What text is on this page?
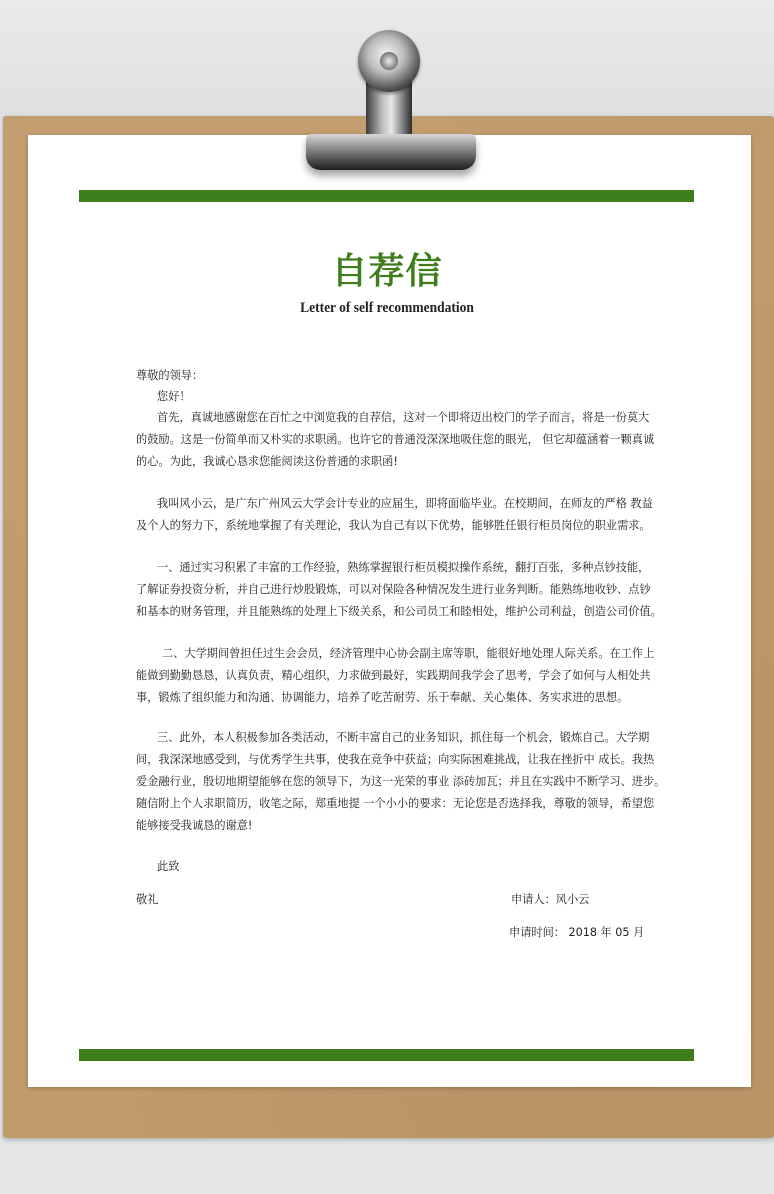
自荐信
Letter of self recommendation
尊敬的领导：
您好！
首先，真诚地感谢您在百忙之中浏览我的自荐信，这对一个即将迈出校门的学子而言，将是一份莫大
的鼓励。这是一份简单而又朴实的求职函。也许它的普通没深深地吸住您的眼光， 但它却蕴涵着一颗真诚
的心。为此，我诚心恳求您能阅读这份普通的求职函!
我叫风小云，是广东广州风云大学会计专业的应届生，即将面临毕业。在校期间，在师友的严格 教益
及个人的努力下，系统地掌握了有关理论，我认为自己有以下优势，能够胜任银行柜员岗位的职业需求。
一、通过实习积累了丰富的工作经验，熟练掌握银行柜员模拟操作系统，翻打百张，多种点钞技能，
了解证券投资分析，并自己进行炒股锻炼，可以对保险各种情况发生进行业务判断。能熟练地收钞、点钞
和基本的财务管理，并且能熟练的处理上下级关系，和公司员工和睦相处，维护公司利益，创造公司价值。
二、大学期间曾担任过生会会员，经济管理中心协会副主席等职，能很好地处理人际关系。在工作上
能做到勤勤恳恳，认真负责，精心组织，力求做到最好，实践期间我学会了思考，学会了如何与人相处共
事，锻炼了组织能力和沟通、协调能力，培养了吃苦耐劳、乐于奉献、关心集体、务实求进的思想。
三、此外，本人积极参加各类活动，不断丰富自己的业务知识，抓住每一个机会，锻炼自己。大学期
间，我深深地感受到，与优秀学生共事，使我在竞争中获益；向实际困难挑战，让我在挫折中 成长。我热
爱金融行业，殷切地期望能够在您的领导下，为这一光荣的事业 添砖加瓦；并且在实践中不断学习、进步。
随信附上个人求职简历，收笔之际，郑重地提 一个小小的要求：无论您是否选择我，尊敬的领导，希望您
能够接受我诚恳的谢意!
此致
敬礼	申请人：风小云
申请时间： 2018 年 05 月
